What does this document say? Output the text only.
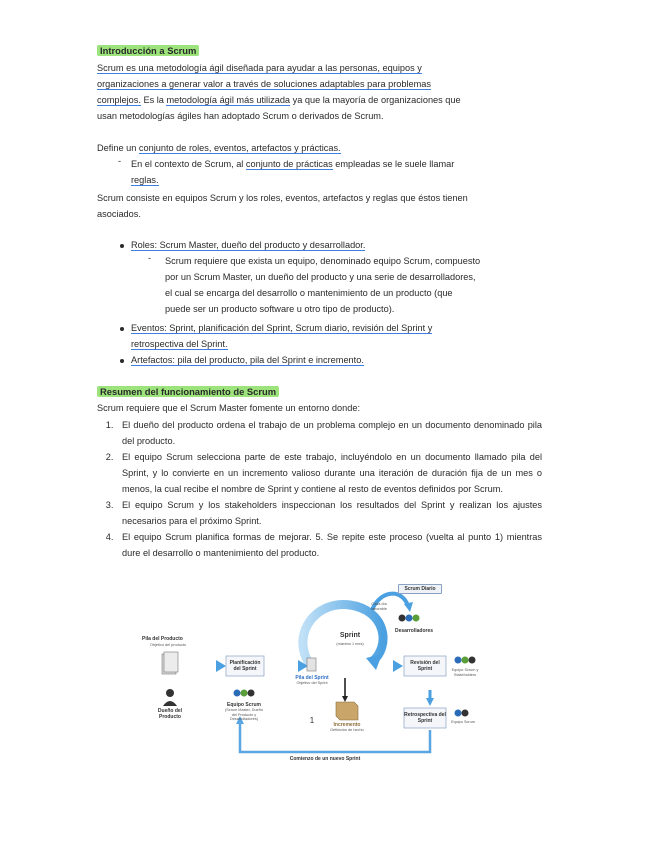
Introducción a Scrum
Scrum es una metodología ágil diseñada para ayudar a las personas, equipos y
organizaciones a generar valor a través de soluciones adaptables para problemas
complejos. Es la metodología ágil más utilizada ya que la mayoría de organizaciones que
usan metodologías ágiles han adoptado Scrum o derivados de Scrum.
Define un conjunto de roles, eventos, artefactos y prácticas.
- En el contexto de Scrum, al conjunto de prácticas empleadas se le suele llamar
reglas.
Scrum consiste en equipos Scrum y los roles, eventos, artefactos y reglas que éstos tienen
asociados.
Roles: Scrum Master, dueño del producto y desarrollador.
- Scrum requiere que exista un equipo, denominado equipo Scrum, compuesto
por un Scrum Master, un dueño del producto y una serie de desarrolladores,
el cual se encarga del desarrollo o mantenimiento de un producto (que
puede ser un producto software u otro tipo de producto).
Eventos: Sprint, planificación del Sprint, Scrum diario, revisión del Sprint y
retrospectiva del Sprint.
Artefactos: pila del producto, pila del Sprint e incremento.
Resumen del funcionamiento de Scrum
Scrum requiere que el Scrum Master fomente un entorno donde:
1. El dueño del producto ordena el trabajo de un problema complejo en un documento denominado pila del producto.
2. El equipo Scrum selecciona parte de este trabajo, incluyéndolo en un documento llamado pila del Sprint, y lo convierte en un incremento valioso durante una iteración de duración fija de un mes o menos, la cual recibe el nombre de Sprint y contiene al resto de eventos definidos por Scrum.
3. El equipo Scrum y los stakeholders inspeccionan los resultados del Sprint y realizan los ajustes necesarios para el próximo Sprint.
4. El equipo Scrum planifica formas de mejorar. 5. Se repite este proceso (vuelta al punto 1) mientras dure el desarrollo o mantenimiento del producto.
Scrum Diario
Cada día laborable
Desarrolladores
Sprint
(máximo 1 mes)
Pila del Producto
Objetivo del producto
Planificación del Sprint
Pila del Sprint
Objetivo del Sprint
Revisión del Sprint	Equipo Scrum y Stakeholders
Dueño del Producto
Equipo Scrum
(Scrum Master, Dueño del Producto y Desarrolladores)	1	Incremento
Definición de hecho
Retrospectiva del Sprint	Equipo Scrum
Comienzo de un nuevo Sprint
